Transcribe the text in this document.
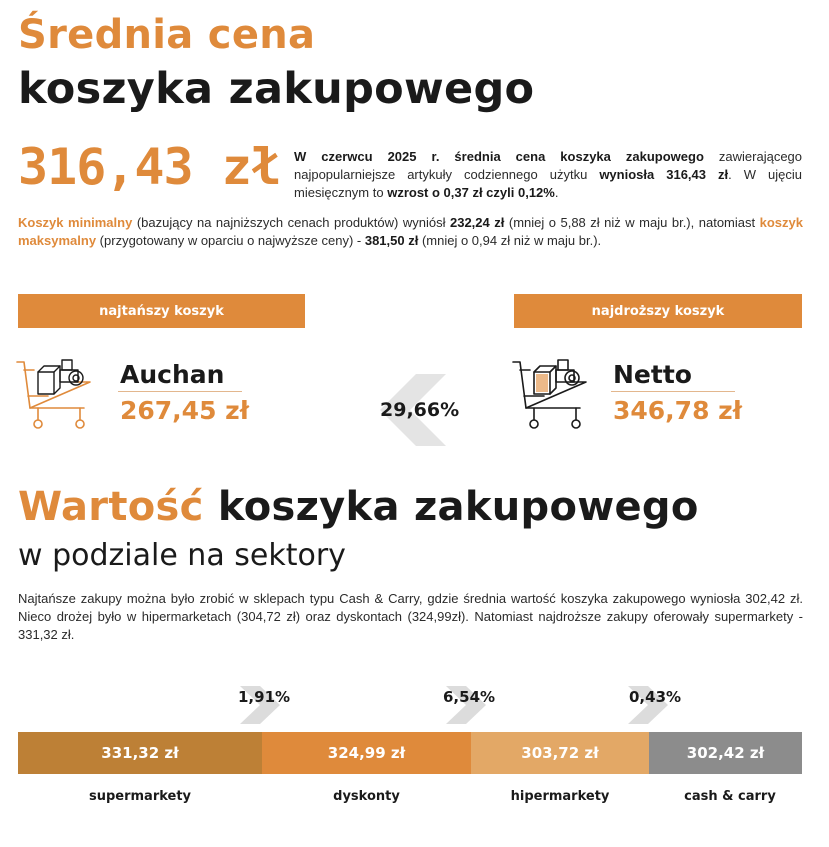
Średnia cena
koszyka zakupowego
316,43 zł W czerwcu 2025 r. średnia cena koszyka zakupowego zawierającego najpopularniejsze artykuły codziennego użytku wyniosła 316,43 zł. W ujęciu miesięcznym to wzrost o 0,37 zł czyli 0,12%.
Koszyk minimalny (bazujący na najniższych cenach produktów) wyniósł 232,24 zł (mniej o 5,88 zł niż w maju br.), natomiast koszyk maksymalny (przygotowany w oparciu o najwyższe ceny) - 381,50 zł (mniej o 0,94 zł niż w maju br.).
najtańszy koszyk	najdroższy koszyk
Auchan
267,45 zł	29,66%
Netto
346,78 zł
Wartość koszyka zakupowego
w podziale na sektory
Najtańsze zakupy można było zrobić w sklepach typu Cash & Carry, gdzie średnia wartość koszyka zakupowego wyniosła 302,42 zł. Nieco drożej było w hipermarketach (304,72 zł) oraz dyskontach (324,99zł). Natomiast najdroższe zakupy oferowały supermarkety - 331,32 zł.
1,91%	6,54%	0,43%
331,32 zł	324,99 zł	303,72 zł	302,42 zł
supermarkety	dyskonty	hipermarkety	cash & carry
